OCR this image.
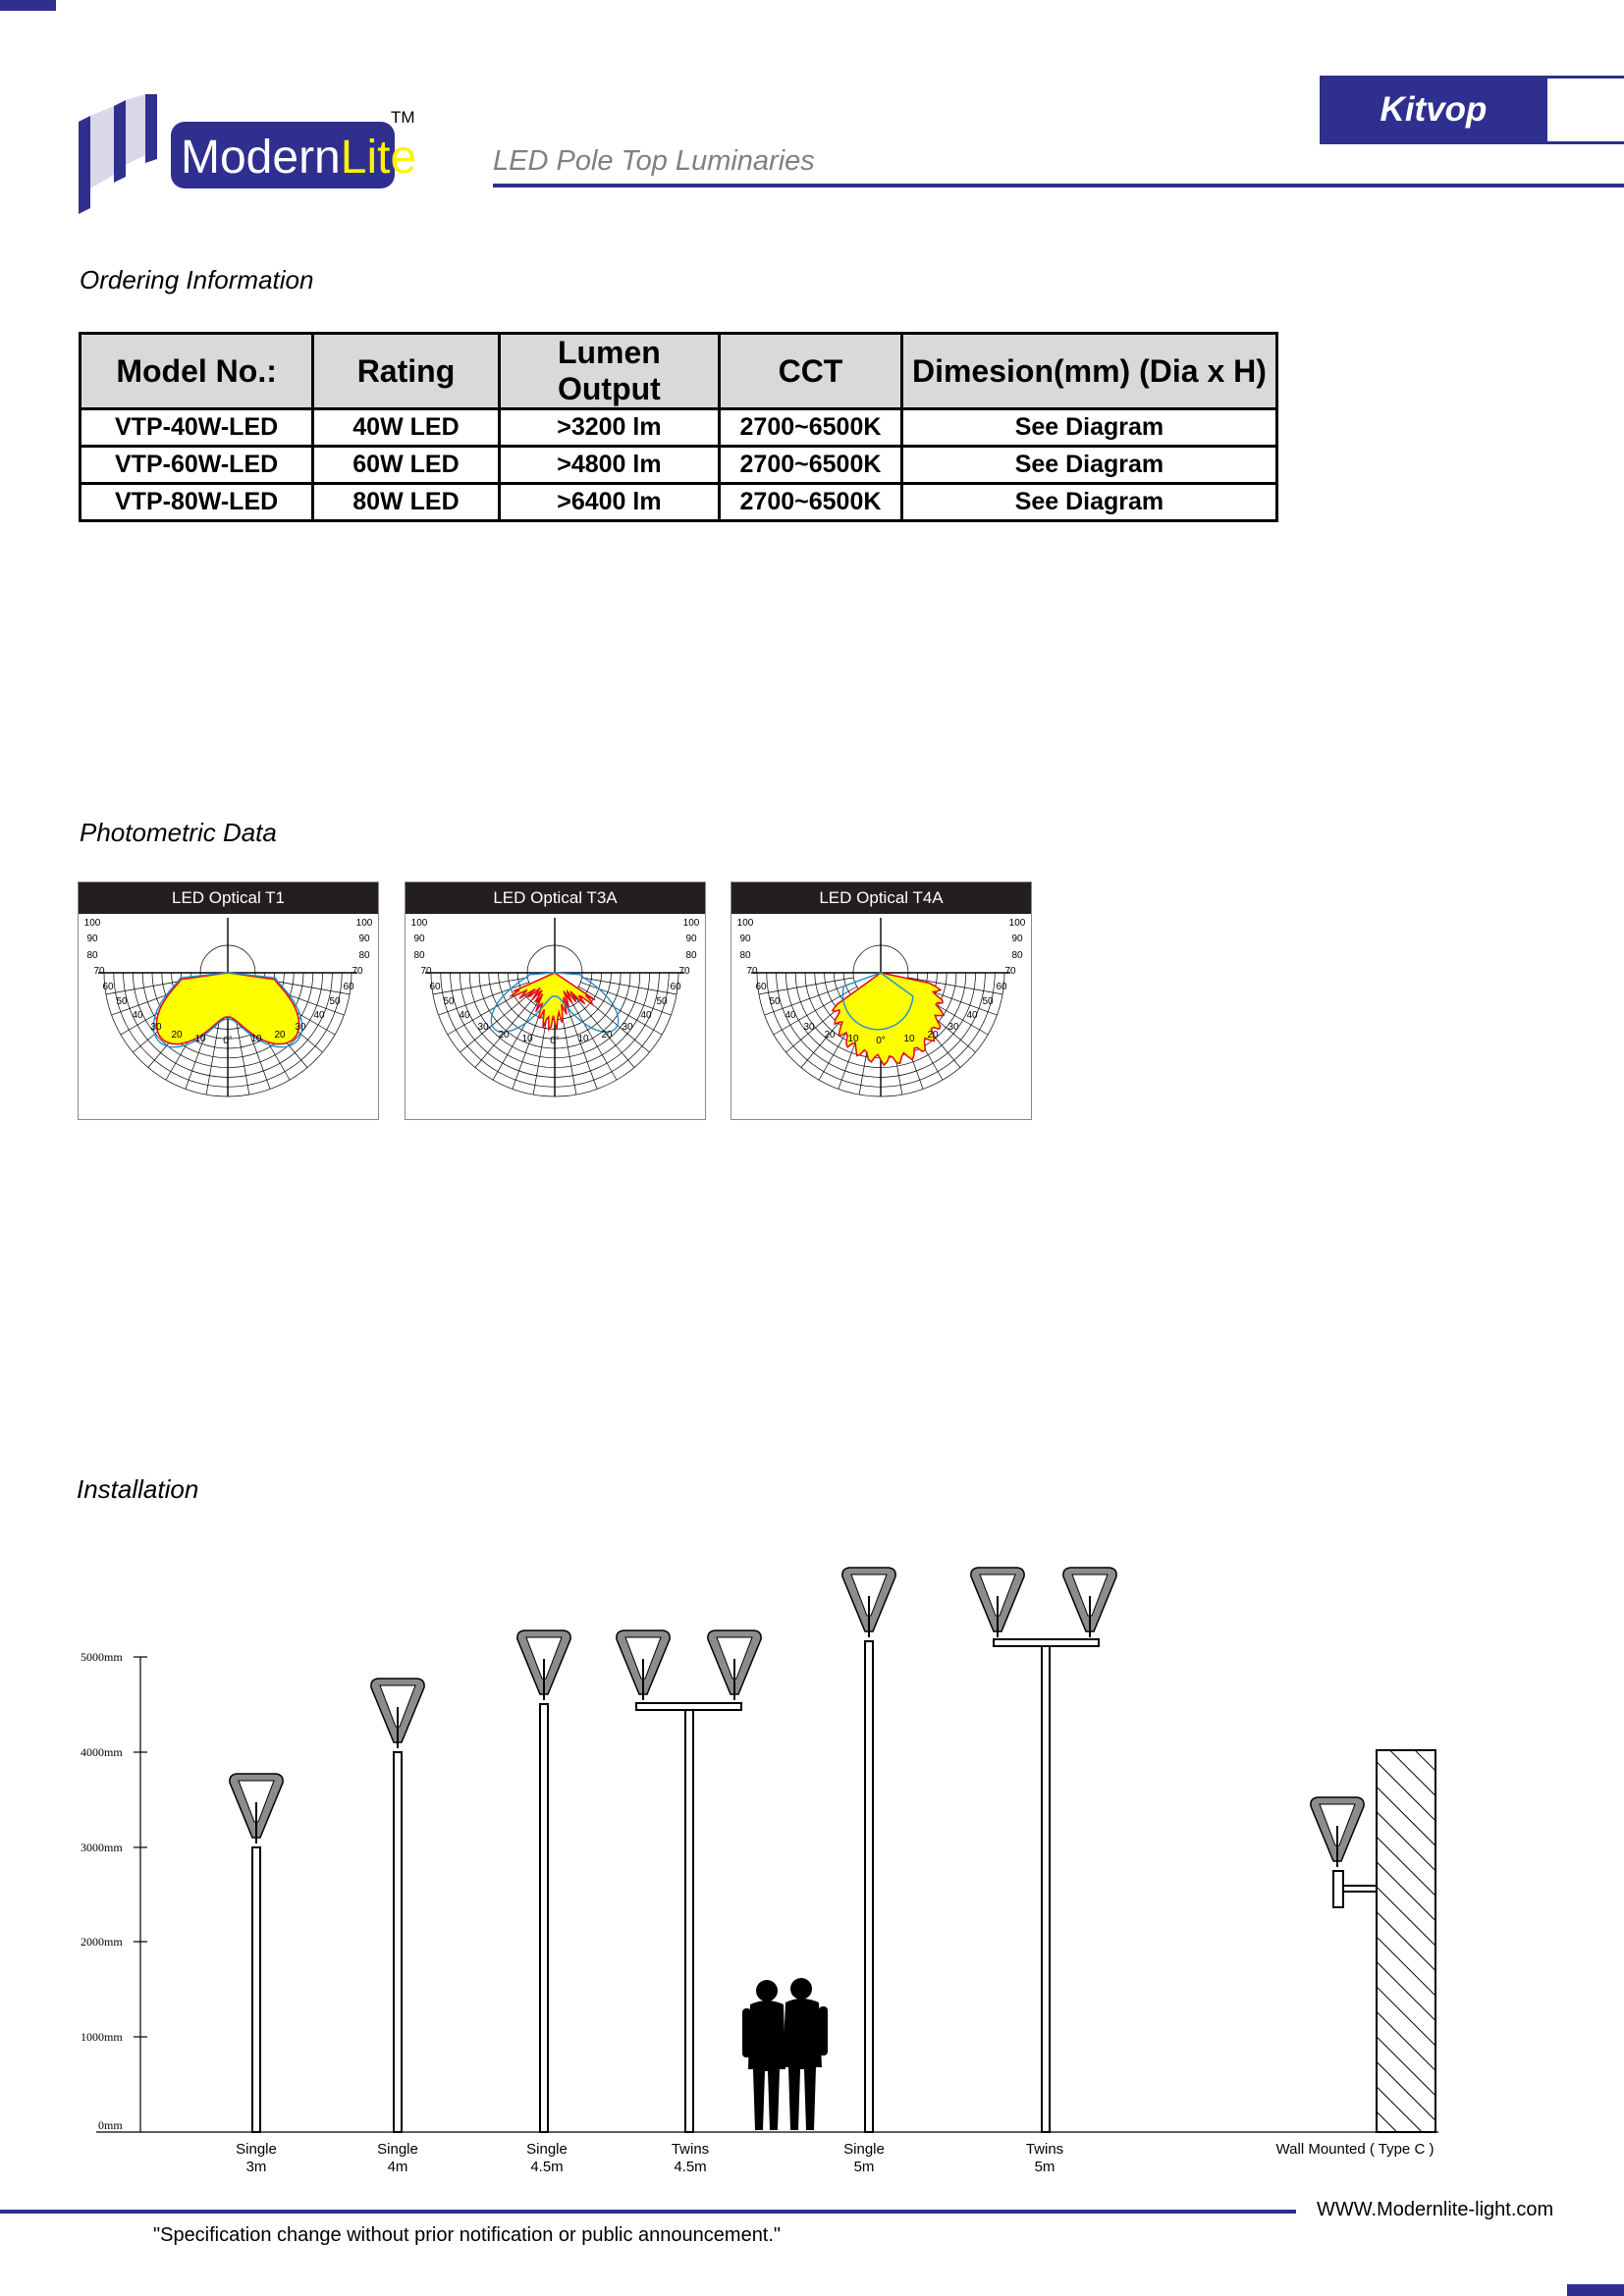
ModernLite
TM
LED Pole Top Luminaries
Kitvop
Ordering Information
Model No.:	Rating	Lumen Output	CCT	Dimesion(mm) (Dia x H)
VTP-40W-LED	40W LED	>3200 lm	2700~6500K	See Diagram
VTP-60W-LED	60W LED	>4800 lm	2700~6500K	See Diagram
VTP-80W-LED	80W LED	>6400 lm	2700~6500K	See Diagram
Photometric Data
LED Optical T1
100
90
80
70
60
50
40
30
20 10
100
90
80
70
60
50
40
30
20
10
0°
LED Optical T3A
100
90
80
70
60
50
40
30
20 10
100
90
80
70
60
50
40
30
20
10
0°
LED Optical T4A
100
90
80
70
60
50
40
30
20 10
100
90
80
70
60
50
40
30
20
10
0°
Installation
5000mm
4000mm
3000mm
2000mm
1000mm
0mm
Single
3m
Single
4m
Single
4.5m
Twins
4.5m
Single
5m
Twins
5m
Wall Mounted ( Type C )
WWW.Modernlite-light.com
"Specification change without prior notification or public announcement."
